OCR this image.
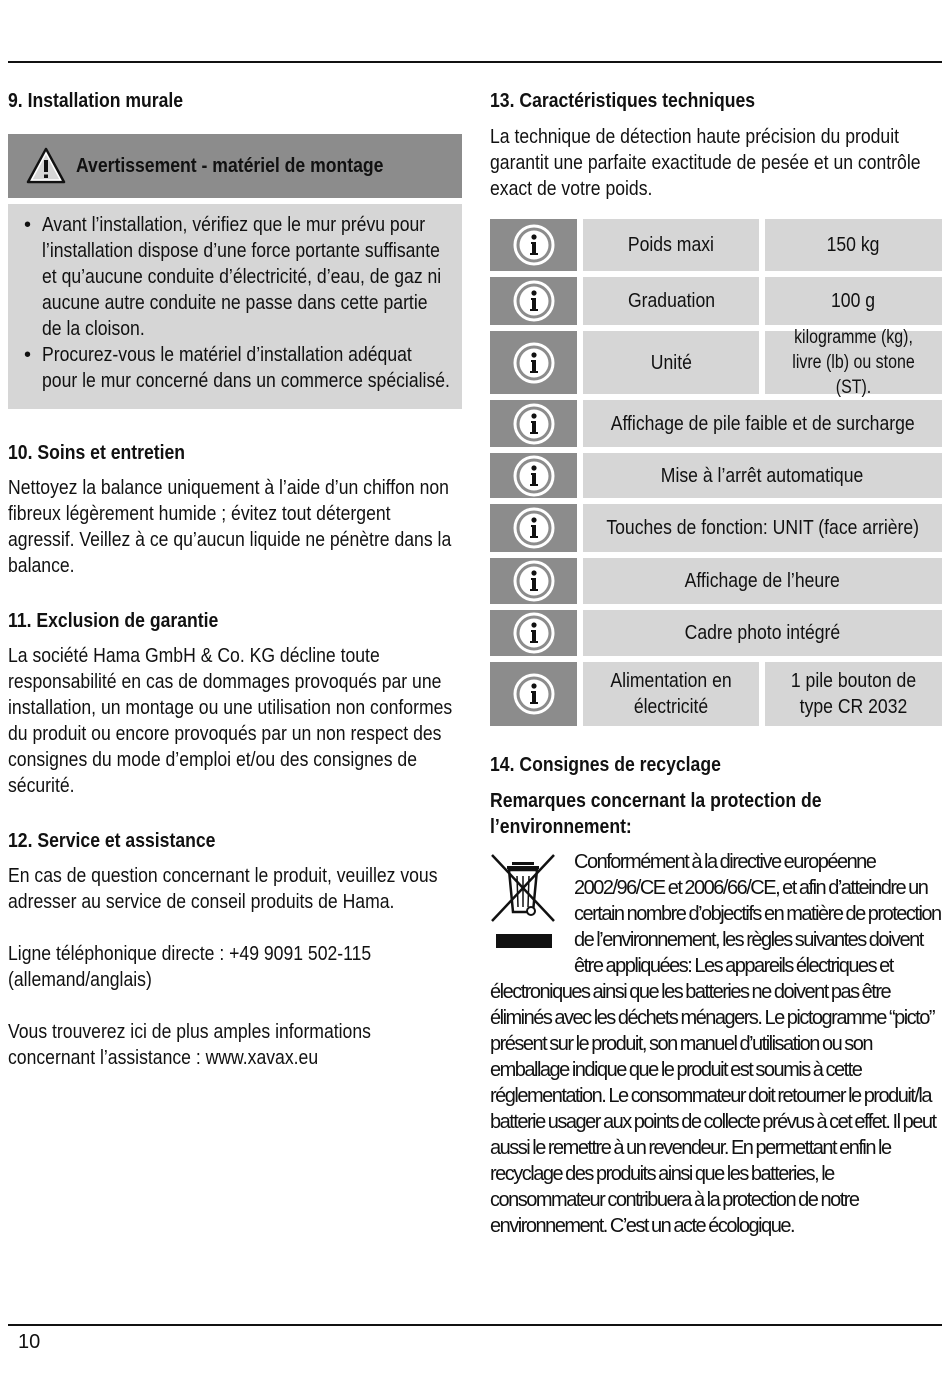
9. Installation murale
Avertissement - matériel de montage
• Avant l’installation, vérifiez que le mur prévu pour l’installation dispose d’une force portante suffisante et qu’aucune conduite d’électricité, d’eau, de gaz ni aucune autre conduite ne passe dans cette partie de la cloison.
• Procurez-vous le matériel d’installation adéquat pour le mur concerné dans un commerce spécialisé.
10. Soins et entretien

Nettoyez la balance uniquement à l’aide d’un chiffon non fibreux légèrement humide ; évitez tout détergent agressif. Veillez à ce qu’aucun liquide ne pénètre dans la balance.

11. Exclusion de garantie

La société Hama GmbH & Co. KG décline toute responsabilité en cas de dommages provoqués par une installation, un montage ou une utilisation non conformes du produit ou encore provoqués par un non respect des consignes du mode d’emploi et/ou des consignes de sécurité.

12. Service et assistance

En cas de question concernant le produit, veuillez vous adresser au service de conseil produits de Hama.

Ligne téléphonique directe : +49 9091 502-115 (allemand/anglais)

Vous trouverez ici de plus amples informations concernant l’assistance : www.xavax.eu

13. Caractéristiques techniques

La technique de détection haute précision du produit garantit une parfaite exactitude de pesée et un contrôle exact de votre poids.

Poids maxi	150 kg
Graduation	100 g
Unité
kilogramme (kg), livre (lb) ou stone (ST).
Affichage de pile faible et de surcharge
Mise à l’arrêt automatique
Touches de fonction: UNIT (face arrière)
Affichage de l’heure
Cadre photo intégré
Alimentation en électricité
1 pile bouton de type CR 2032
14. Consignes de recyclage

Remarques concernant la protection de l’environnement:

Conformément à la directive européenne 2002/96/CE et 2006/66/CE, et afin d’atteindre un certain nombre d’objectifs en matière de protection de l’environnement, les règles suivantes doivent être appliquées: Les appareils électriques et électroniques ainsi que les batteries ne doivent pas être éliminés avec les déchets ménagers. Le pictogramme “picto” présent sur le produit, son manuel d’utilisation ou son emballage indique que le produit est soumis à cette réglementation. Le consommateur doit retourner le produit/la batterie usager aux points de collecte prévus à cet effet. Il peut aussi le remettre à un revendeur. En permettant enfin le recyclage des produits ainsi que les batteries, le consommateur contribuera à la protection de notre environnement. C’est un acte écologique.

10
